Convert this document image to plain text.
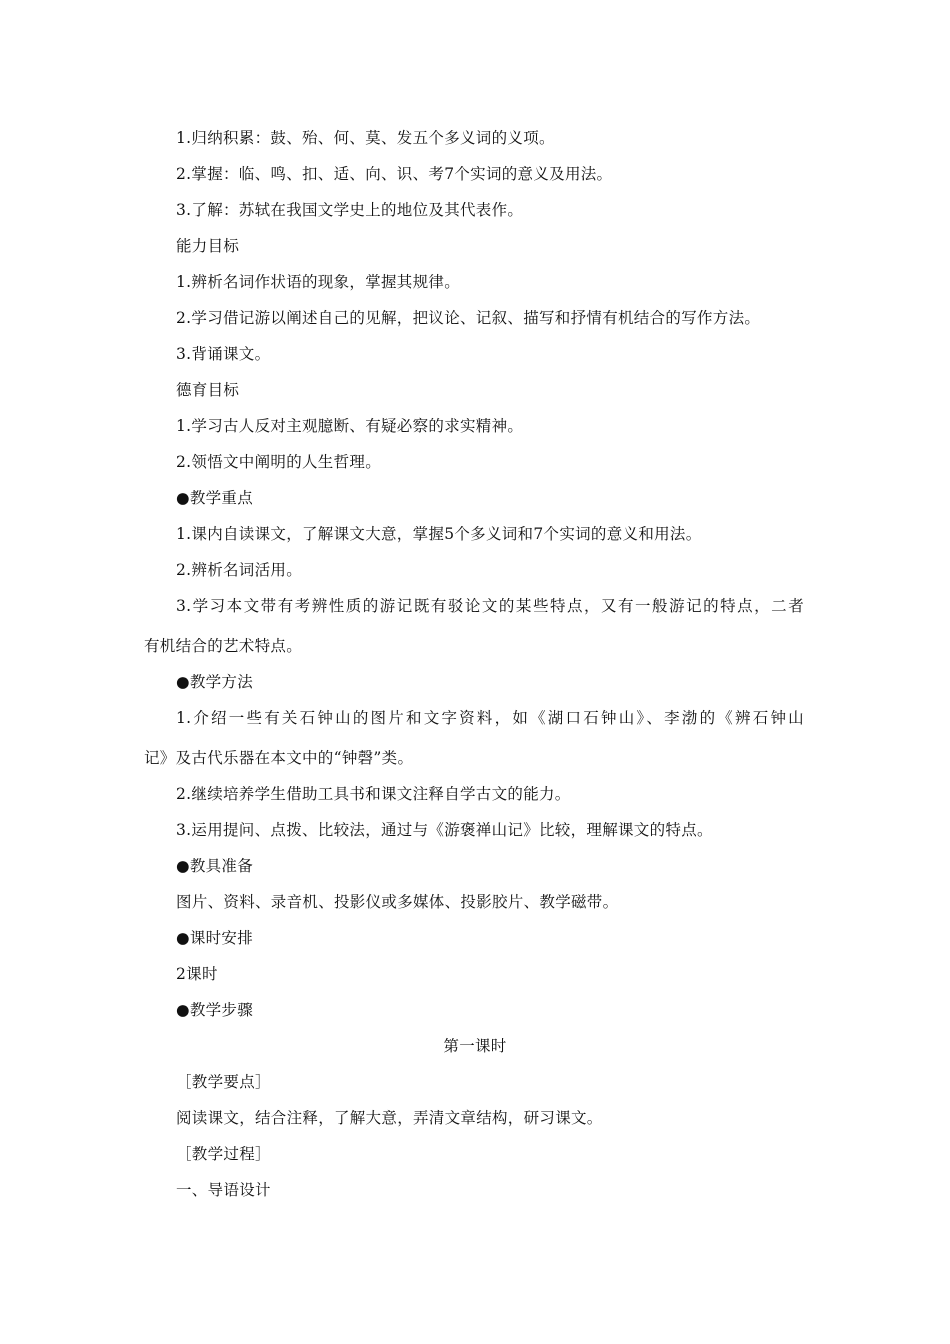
1.归纳积累：鼓、殆、何、莫、发五个多义词的义项。
2.掌握：临、鸣、扣、适、向、识、考7个实词的意义及用法。
3.了解：苏轼在我国文学史上的地位及其代表作。
能力目标
1.辨析名词作状语的现象，掌握其规律。
2.学习借记游以阐述自己的见解，把议论、记叙、描写和抒情有机结合的写作方法。
3.背诵课文。
德育目标
1.学习古人反对主观臆断、有疑必察的求实精神。
2.领悟文中阐明的人生哲理。
●教学重点
1.课内自读课文，了解课文大意，掌握5个多义词和7个实词的意义和用法。
2.辨析名词活用。
3.学习本文带有考辨性质的游记既有驳论文的某些特点，又有一般游记的特点，二者
有机结合的艺术特点。
●教学方法
1.介绍一些有关石钟山的图片和文字资料，如《湖口石钟山》、李渤的《辨石钟山
记》及古代乐器在本文中的“钟磬”类。
2.继续培养学生借助工具书和课文注释自学古文的能力。
3.运用提问、点拨、比较法，通过与《游褒禅山记》比较，理解课文的特点。
●教具准备
图片、资料、录音机、投影仪或多媒体、投影胶片、教学磁带。
●课时安排
2课时
●教学步骤
第一课时
［教学要点］
阅读课文，结合注释，了解大意，弄清文章结构，研习课文。
［教学过程］
一、导语设计
